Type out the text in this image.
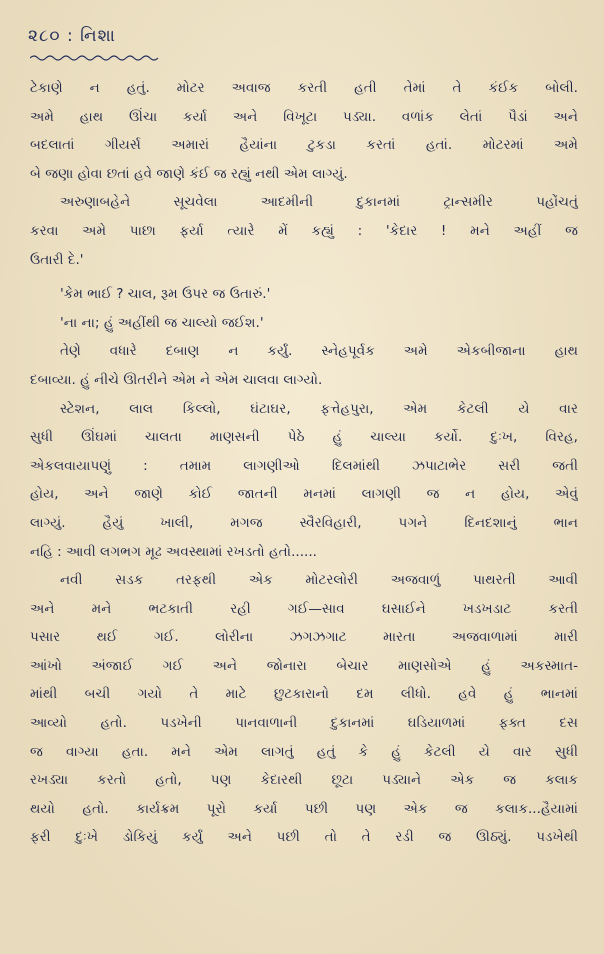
૨૮૦ : નિશા
ટેકાણે ન હતું. મોટર અવાજ કરતી હતી તેમાં તે કંઈક બોલી.
અમે હાથ ઊંચા કર્યા અને વિખૂટા પડ્યા. વળાંક લેતાં પૈડાં અને
બદલાતાં ગીયર્સ અમારાં હૈયાંના ટુકડા કરતાં હતાં. મોટરમાં અમે
બે જણા હોવા છતાં હવે જાણે કંઈ જ રહ્યું નથી એમ લાગ્યું.
અરુણાબહેને સૂચવેલા આદમીની દુકાનમાં ટ્રાન્સમીર પહોંચતું
કરવા અમે પાછા ફર્યા ત્યારે મેં કહ્યું : 'કેદાર ! મને અહીં જ
ઉતારી દે.'
'કેમ ભાઈ ? ચાલ, રૂમ ઉપર જ ઉતારું.'
'ના ના; હું અહીંથી જ ચાલ્યો જઈશ.'
તેણે વધારે દબાણ ન કર્યું. સ્નેહપૂર્વક અમે એકબીજાના હાથ
દબાવ્યા. હું નીચે ઊતરીને એમ ને એમ ચાલવા લાગ્યો.
સ્ટેશન, લાલ કિલ્લો, ઘંટાઘર, ફત્તેહપુરા, એમ કેટલી યે વાર
સુધી ઊંઘમાં ચાલતા માણસની પેઠે હું ચાલ્યા કર્યો. દુઃખ, વિરહ,
એકલવાયાપણું : તમામ લાગણીઓ દિલમાંથી ઝપાટાભેર સરી જતી
હોય, અને જાણે કોઈ જાતની મનમાં લાગણી જ ન હોય, એવું
લાગ્યું. હૈયું ખાલી, મગજ સ્વૈરવિહારી, પગને દિનદશાનું ભાન
નહિ : આવી લગભગ મૂઢ અવસ્થામાં રખડતો હતો......
નવી સડક તરફથી એક મોટરલોરી અજવાળું પાથરતી આવી
અને મને ભટકાતી રહી ગઈ—સાવ ઘસાઈને ખડખડાટ કરતી
પસાર થઈ ગઈ. લોરીના ઝગઝગાટ મારતા અજવાળામાં મારી
આંખો અંજાઈ ગઈ અને જોનારા બેચાર માણસોએ હું અકસ્માત-
માંથી બચી ગયો તે માટે છુટકારાનો દમ લીધો. હવે હું ભાનમાં
આવ્યો હતો. પડખેની પાનવાળાની દુકાનમાં ઘડિયાળમાં ફક્ત દસ
જ વાગ્યા હતા. મને એમ લાગતું હતું કે હું કેટલી યે વાર સુધી
રખડ્યા કરતો હતો, પણ કેદારથી છૂટા પડ્યાને એક જ કલાક
થયો હતો. કાર્યક્રમ પૂરો કર્યા પછી પણ એક જ કલાક...હૈયામાં
ફરી દુઃખે ડોકિયું કર્યું અને પછી તો તે રડી જ ઊઠ્યું. પડખેથી
